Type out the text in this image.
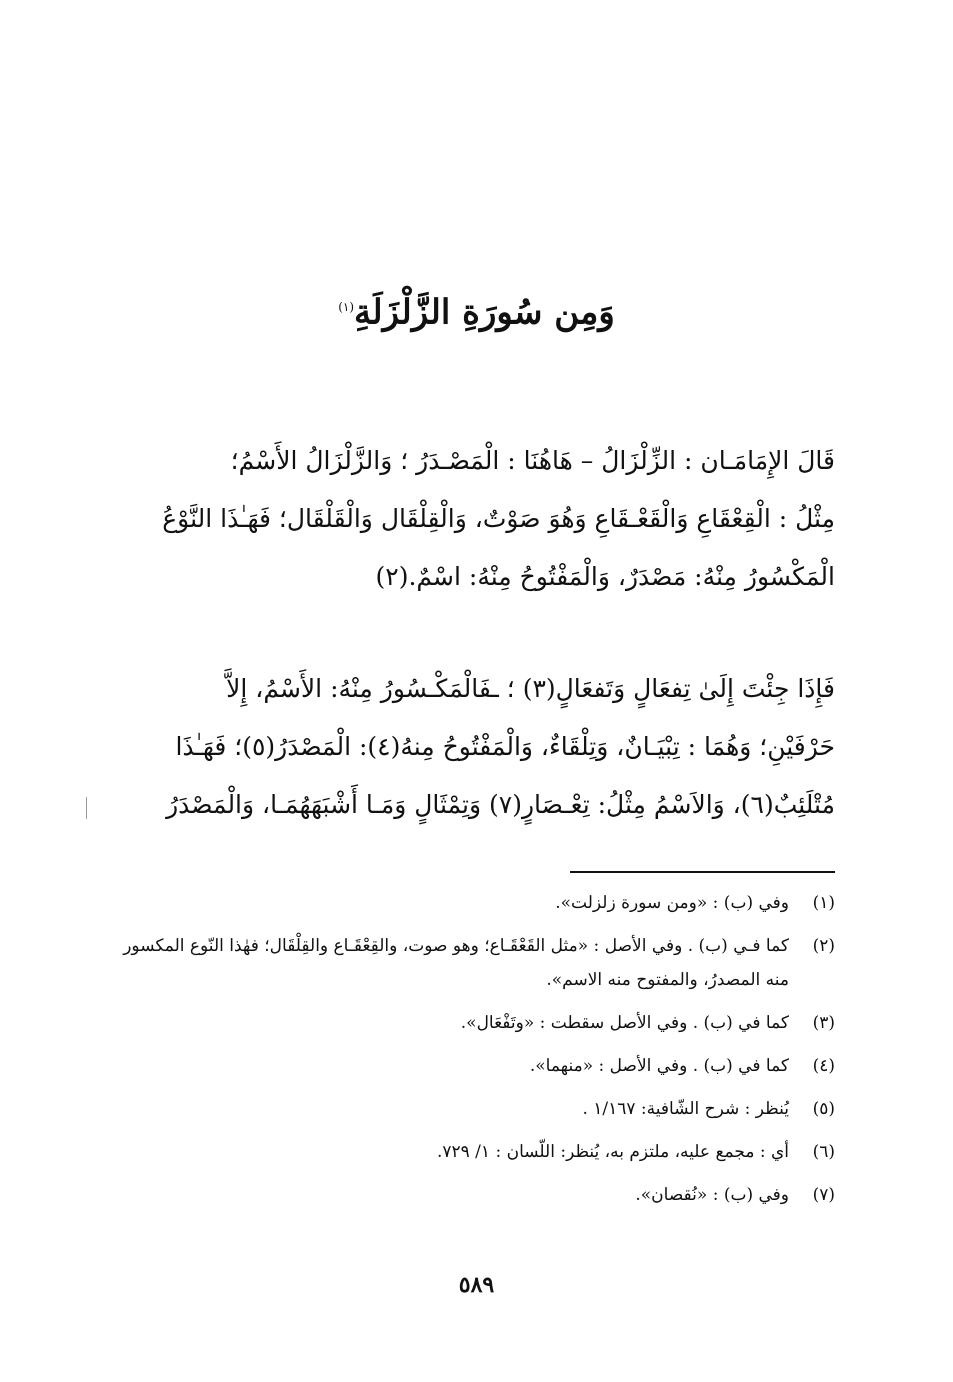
وَمِن سُورَةِ الزَّلْزَلَةِ$^{(١)}$
قَالَ الإِمَامَـان : الزِّلْزَالُ – هَاهُنَا : الْمَصْـدَرُ ؛ وَالزَّلْزَالُ الأَسْمُ؛
مِثْلُ : الْقِعْقَاعِ وَالْقَعْـقَاعِ وَهُوَ صَوْتٌ، وَالْقِلْقَال وَالْقَلْقَال؛ فَهَـٰذَا النَّوْعُ
الْمَكْسُورُ مِنْهُ: مَصْدَرٌ، وَالْمَفْتُوحُ مِنْهُ: اسْمٌ.(٢)
فَإِذَا جِئْتَ إِلَىٰ تِفعَالٍ وَتَفعَالٍ(٣) ؛ ـفَالْمَكْـسُورُ مِنْهُ: الأَسْمُ، إِلاَّ
حَرْفَيْنِ؛ وَهُمَا : تِبْيَـانٌ، وَتِلْقَاءٌ، وَالْمَفْتُوحُ مِنهُ(٤): الْمَصْدَرُ(٥)؛ فَهَـٰذَا
مُتْلَئِبٌ(٦)، وَالاَسْمُ مِثْلُ: تِعْـصَارٍ(٧) وَتِمْثَالٍ وَمَـا أَشْبَهَهُمَـا، وَالْمَصْدَرُ
(١)
وفي (ب) : «ومن سورة زلزلت».
(٢)
كما فـي (ب) . وفي الأصل : «مثل القَعْقَـاع؛ وهو صوت، والقِعْقَـاع والقِلْقَال؛ فهٰذا النّوع المكسور منه المصدرُ، والمفتوح منه الاسم».
(٣)
كما في (ب) . وفي الأصل سقطت : «وتَفْعَال».
(٤)
كما في (ب) . وفي الأصل : «منهما».
(٥)
يُنظر : شرح الشّافية: ١/١٦٧ .
(٦)
أي : مجمع عليه، ملتزم به، يُنظر: اللّسان : ١/ ٧٢٩.
(٧)
وفي (ب) : «نُقصان».
٥٨٩
